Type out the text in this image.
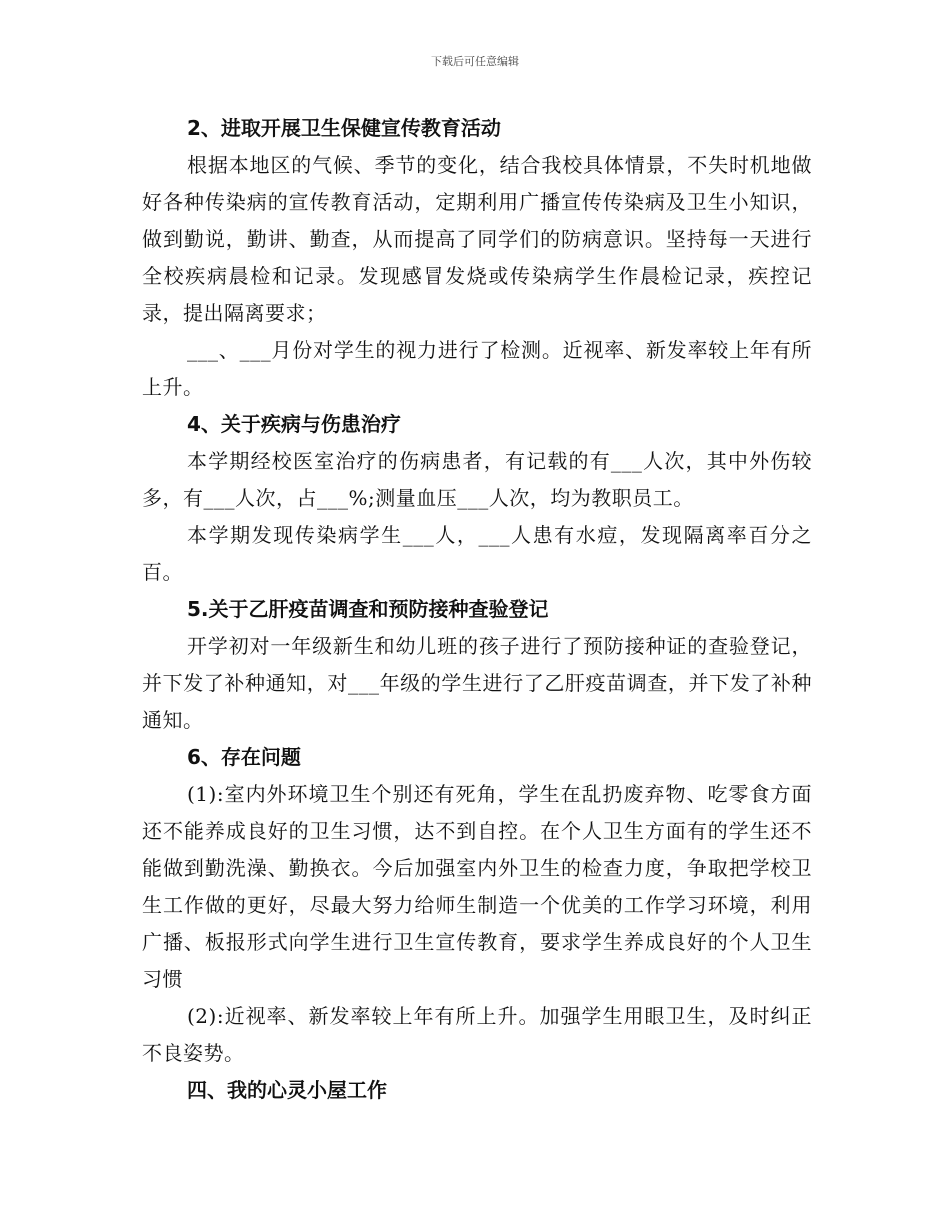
下载后可任意编辑

2、进取开展卫生保健宣传教育活动

根据本地区的气候、季节的变化，结合我校具体情景，不失时机地做好各种传染病的宣传教育活动，定期利用广播宣传传染病及卫生小知识，做到勤说，勤讲、勤查，从而提高了同学们的防病意识。坚持每一天进行全校疾病晨检和记录。发现感冒发烧或传染病学生作晨检记录，疾控记录，提出隔离要求；

___、___月份对学生的视力进行了检测。近视率、新发率较上年有所上升。

4、关于疾病与伤患治疗

本学期经校医室治疗的伤病患者，有记载的有___人次，其中外伤较多，有___人次，占___%;测量血压___人次，均为教职员工。

本学期发现传染病学生___人，___人患有水痘，发现隔离率百分之百。

5.关于乙肝疫苗调查和预防接种查验登记

开学初对一年级新生和幼儿班的孩子进行了预防接种证的查验登记，并下发了补种通知，对___年级的学生进行了乙肝疫苗调查，并下发了补种通知。

6、存在问题

(1):室内外环境卫生个别还有死角，学生在乱扔废弃物、吃零食方面还不能养成良好的卫生习惯，达不到自控。在个人卫生方面有的学生还不能做到勤洗澡、勤换衣。今后加强室内外卫生的检查力度，争取把学校卫生工作做的更好，尽最大努力给师生制造一个优美的工作学习环境，利用广播、板报形式向学生进行卫生宣传教育，要求学生养成良好的个人卫生习惯

(2):近视率、新发率较上年有所上升。加强学生用眼卫生，及时纠正不良姿势。

四、我的心灵小屋工作
